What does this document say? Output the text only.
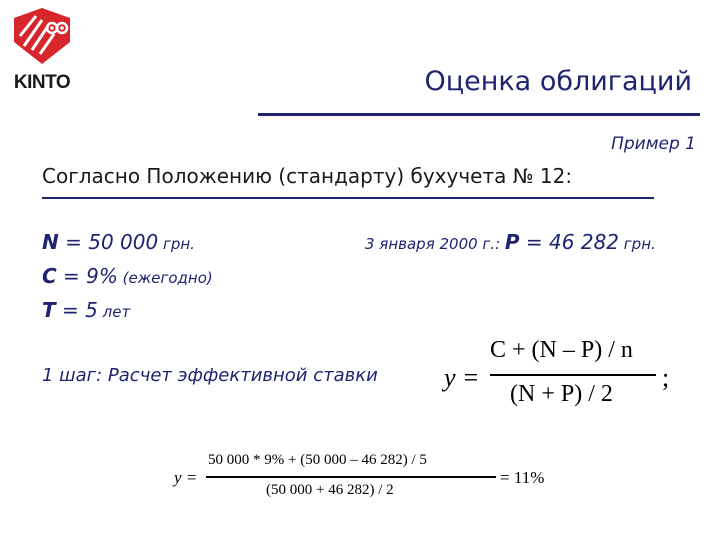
KINTO	Оценка облигаций
Пример 1
Согласно Положению (стандарту) бухучета № 12:
N = 50 000 грн.
C = 9% (ежегодно)
T = 5 лет
3 января 2000 г.: P = 46 282 грн.
1 шаг: Расчет эффективной ставки	y =
C + (N – P) / n
(N + P) / 2
;
y =
50 000 * 9% + (50 000 – 46 282) / 5
(50 000 + 46 282) / 2
= 11%
